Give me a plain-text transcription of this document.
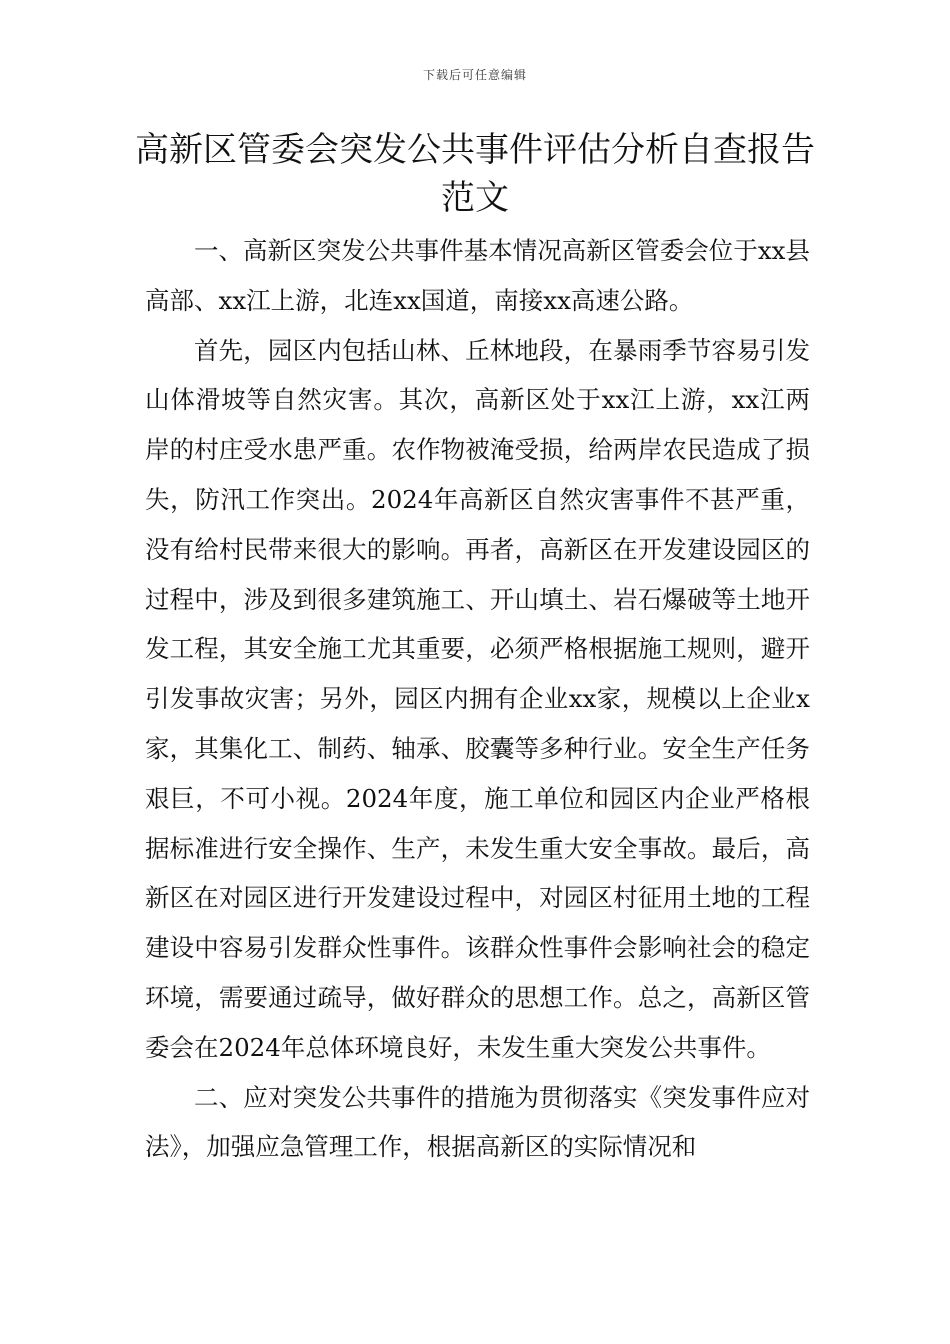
下载后可任意编辑
高新区管委会突发公共事件评估分析自查报告范文

一、高新区突发公共事件基本情况高新区管委会位于xx县高部、xx江上游，北连xx国道，南接xx高速公路。

首先，园区内包括山林、丘林地段，在暴雨季节容易引发山体滑坡等自然灾害。其次，高新区处于xx江上游，xx江两岸的村庄受水患严重。农作物被淹受损，给两岸农民造成了损失，防汛工作突出。2024年高新区自然灾害事件不甚严重，没有给村民带来很大的影响。再者，高新区在开发建设园区的过程中，涉及到很多建筑施工、开山填土、岩石爆破等土地开发工程，其安全施工尤其重要，必须严格根据施工规则，避开引发事故灾害；另外，园区内拥有企业xx家，规模以上企业x家，其集化工、制药、轴承、胶囊等多种行业。安全生产任务艰巨，不可小视。2024年度，施工单位和园区内企业严格根据标准进行安全操作、生产，未发生重大安全事故。最后，高新区在对园区进行开发建设过程中，对园区村征用土地的工程建设中容易引发群众性事件。该群众性事件会影响社会的稳定环境，需要通过疏导，做好群众的思想工作。总之，高新区管委会在2024年总体环境良好，未发生重大突发公共事件。

二、应对突发公共事件的措施为贯彻落实《突发事件应对法》，加强应急管理工作，根据高新区的实际情况和
